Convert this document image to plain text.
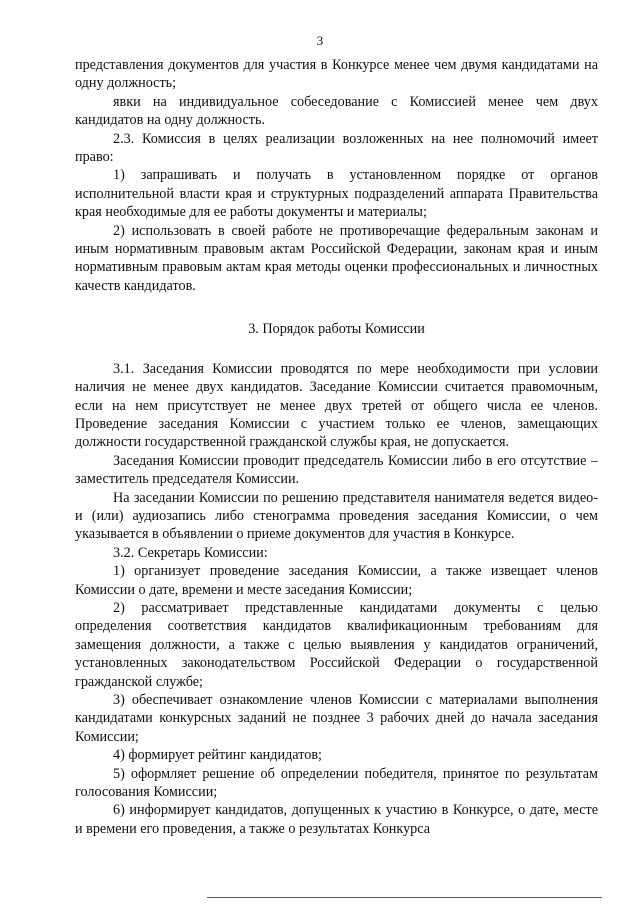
3

представления документов для участия в Конкурсе менее чем двумя кандидатами на одну должность;

явки на индивидуальное собеседование с Комиссией менее чем двух кандидатов на одну должность.

2.3. Комиссия в целях реализации возложенных на нее полномочий имеет право:

1) запрашивать и получать в установленном порядке от органов исполнительной власти края и структурных подразделений аппарата Правительства края необходимые для ее работы документы и материалы;

2) использовать в своей работе не противоречащие федеральным законам и иным нормативным правовым актам Российской Федерации, законам края и иным нормативным правовым актам края методы оценки профессиональных и личностных качеств кандидатов.

3. Порядок работы Комиссии

3.1. Заседания Комиссии проводятся по мере необходимости при условии наличия не менее двух кандидатов. Заседание Комиссии считается правомочным, если на нем присутствует не менее двух третей от общего числа ее членов. Проведение заседания Комиссии с участием только ее членов, замещающих должности государственной гражданской службы края, не допускается.

Заседания Комиссии проводит председатель Комиссии либо в его отсутствие – заместитель председателя Комиссии.

На заседании Комиссии по решению представителя нанимателя ведется видео- и (или) аудиозапись либо стенограмма проведения заседания Комиссии, о чем указывается в объявлении о приеме документов для участия в Конкурсе.

3.2. Секретарь Комиссии:

1) организует проведение заседания Комиссии, а также извещает членов Комиссии о дате, времени и месте заседания Комиссии;

2) рассматривает представленные кандидатами документы с целью определения соответствия кандидатов квалификационным требованиям для замещения должности, а также с целью выявления у кандидатов ограничений, установленных законодательством Российской Федерации о государственной гражданской службе;

3) обеспечивает ознакомление членов Комиссии с материалами выполнения кандидатами конкурсных заданий не позднее 3 рабочих дней до начала заседания Комиссии;

4) формирует рейтинг кандидатов;

5) оформляет решение об определении победителя, принятое по результатам голосования Комиссии;

6) информирует кандидатов, допущенных к участию в Конкурсе, о дате, месте и времени его проведения, а также о результатах Конкурса
